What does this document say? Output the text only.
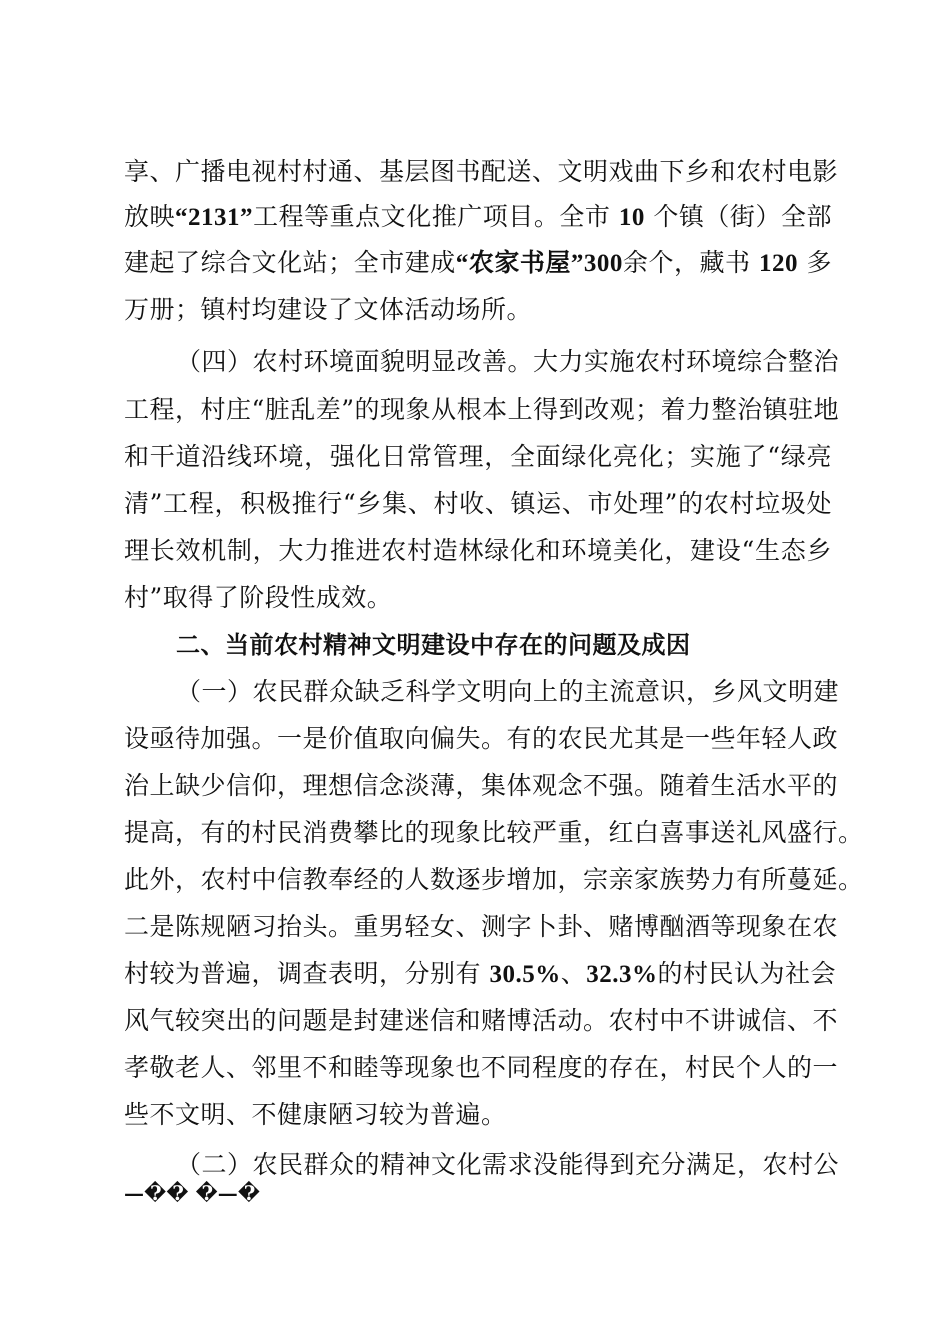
享、广播电视村村通、基层图书配送、文明戏曲下乡和农村电影
放映“2131”工程等重点文化推广项目。全市 10 个镇（街）全部
建起了综合文化站；全市建成“农家书屋”300余个，藏书 120 多
万册；镇村均建设了文体活动场所。
（四）农村环境面貌明显改善。大力实施农村环境综合整治
工程，村庄“脏乱差”的现象从根本上得到改观；着力整治镇驻地
和干道沿线环境，强化日常管理，全面绿化亮化；实施了“绿亮
清”工程，积极推行“乡集、村收、镇运、市处理”的农村垃圾处
理长效机制，大力推进农村造林绿化和环境美化，建设“生态乡
村”取得了阶段性成效。
二、当前农村精神文明建设中存在的问题及成因
（一）农民群众缺乏科学文明向上的主流意识，乡风文明建
设亟待加强。一是价值取向偏失。有的农民尤其是一些年轻人政
治上缺少信仰，理想信念淡薄，集体观念不强。随着生活水平的
提高，有的村民消费攀比的现象比较严重，红白喜事送礼风盛行。
此外，农村中信教奉经的人数逐步增加，宗亲家族势力有所蔓延。
二是陈规陋习抬头。重男轻女、测字卜卦、赌博酗酒等现象在农
村较为普遍，调查表明，分别有 30.5%、32.3%的村民认为社会
风气较突出的问题是封建迷信和赌博活动。农村中不讲诚信、不
孝敬老人、邻里不和睦等现象也不同程度的存在，村民个人的一
些不文明、不健康陋习较为普遍。
（二）农民群众的精神文化需求没能得到充分满足，农村公
—�� �—�
